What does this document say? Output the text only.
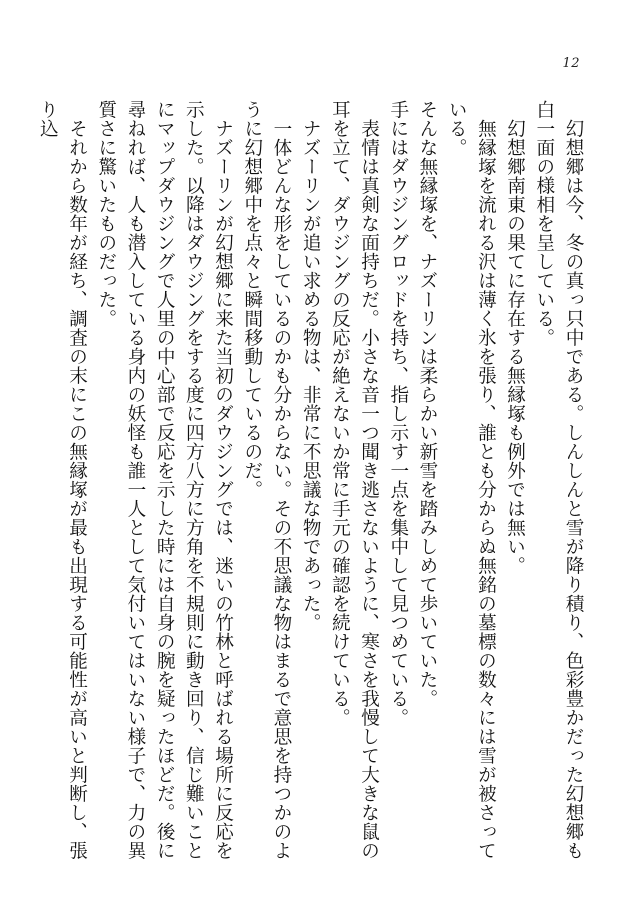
12

幻想郷は今、冬の真っ只中である。しんしんと雪が降り積り、色彩豊かだった幻想郷も白一面の様相を呈している。

幻想郷南東の果てに存在する無縁塚も例外では無い。

無縁塚を流れる沢は薄く氷を張り、誰とも分からぬ無銘の墓標の数々には雪が被さっている。

そんな無縁塚を、ナズーリンは柔らかい新雪を踏みしめて歩いていた。

手にはダウジングロッドを持ち、指し示す一点を集中して見つめている。

表情は真剣な面持ちだ。小さな音一つ聞き逃さないように、寒さを我慢して大きな鼠の耳を立て、ダウジングの反応が絶えないか常に手元の確認を続けている。

ナズーリンが追い求める物は、非常に不思議な物であった。

一体どんな形をしているのかも分からない。その不思議な物はまるで意思を持つかのように幻想郷中を点々と瞬間移動しているのだ。

ナズーリンが幻想郷に来た当初のダウジングでは、迷いの竹林と呼ばれる場所に反応を示した。以降はダウジングをする度に四方八方に方角を不規則に動き回り、信じ難いことにマップダウジングで人里の中心部で反応を示した時には自身の腕を疑ったほどだ。後に尋ねれば、人も潜入している身内の妖怪も誰一人として気付いてはいない様子で、力の異質さに驚いたものだった。

それから数年が経ち、調査の末にこの無縁塚が最も出現する可能性が高いと判断し、張り込
